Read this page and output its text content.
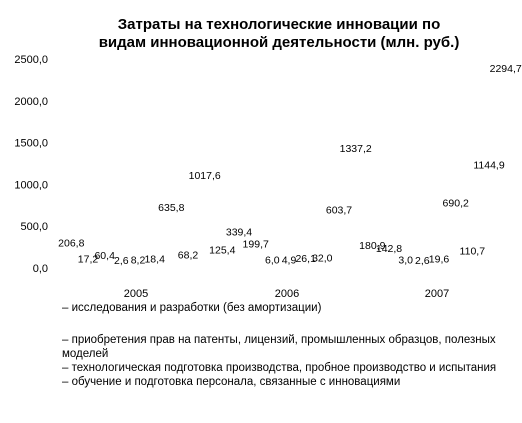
Затраты на технологические инновации по
видам инновационной деятельности (млн. руб.)
2500,0
2000,0
1500,0
1000,0
500,0
0,0
206,8
17,2
60,4 2,6 8,2 18,4
635,8
68,2
1017,6
125,4
339,4
199,7
6,0 4,9 26,1
32,0
603,7
1337,2
180,9
142,8
3,0 2,6 19,6
690,2
110,7
1144,9
2294,7
2005	2006	2007
– исследования и разработки (без амортизации)
– приобретения прав на патенты, лицензий, промышленных образцов, полезных моделей
– технологическая подготовка производства, пробное производство и испытания
– обучение и подготовка персонала, связанные с инновациями
